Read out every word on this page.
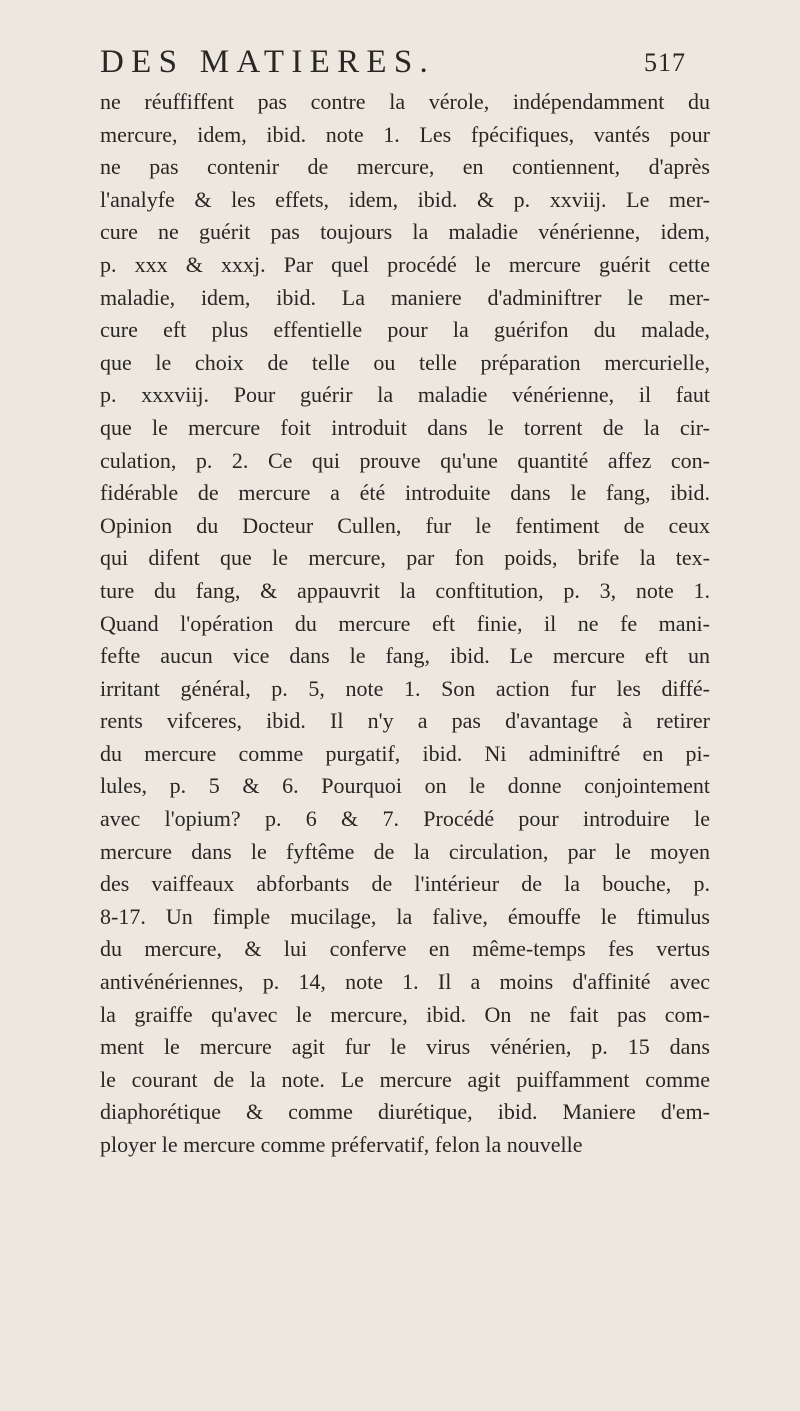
DES MATIERES.	517
ne réuffiffent pas contre la vérole, indépendamment du
mercure, idem, ibid. note 1. Les fpécifiques, vantés pour
ne pas contenir de mercure, en contiennent, d'après
l'analyfe & les effets, idem, ibid. & p. xxviij. Le mer-
cure ne guérit pas toujours la maladie vénérienne, idem,
p. xxx & xxxj. Par quel procédé le mercure guérit cette
maladie, idem, ibid. La maniere d'adminiftrer le mer-
cure eft plus effentielle pour la guérifon du malade,
que le choix de telle ou telle préparation mercurielle,
p. xxxviij. Pour guérir la maladie vénérienne, il faut
que le mercure foit introduit dans le torrent de la cir-
culation, p. 2. Ce qui prouve qu'une quantité affez con-
fidérable de mercure a été introduite dans le fang, ibid.
Opinion du Docteur Cullen, fur le fentiment de ceux
qui difent que le mercure, par fon poids, brife la tex-
ture du fang, & appauvrit la conftitution, p. 3, note 1.
Quand l'opération du mercure eft finie, il ne fe mani-
fefte aucun vice dans le fang, ibid. Le mercure eft un
irritant général, p. 5, note 1. Son action fur les diffé-
rents vifceres, ibid. Il n'y a pas d'avantage à retirer
du mercure comme purgatif, ibid. Ni adminiftré en pi-
lules, p. 5 & 6. Pourquoi on le donne conjointement
avec l'opium? p. 6 & 7. Procédé pour introduire le
mercure dans le fyftême de la circulation, par le moyen
des vaiffeaux abforbants de l'intérieur de la bouche, p.
8-17. Un fimple mucilage, la falive, émouffe le ftimulus
du mercure, & lui conferve en même-temps fes vertus
antivénériennes, p. 14, note 1. Il a moins d'affinité avec
la graiffe qu'avec le mercure, ibid. On ne fait pas com-
ment le mercure agit fur le virus vénérien, p. 15 dans
le courant de la note. Le mercure agit puiffamment comme
diaphorétique & comme diurétique, ibid. Maniere d'em-
ployer le mercure comme préfervatif, felon la nouvelle
